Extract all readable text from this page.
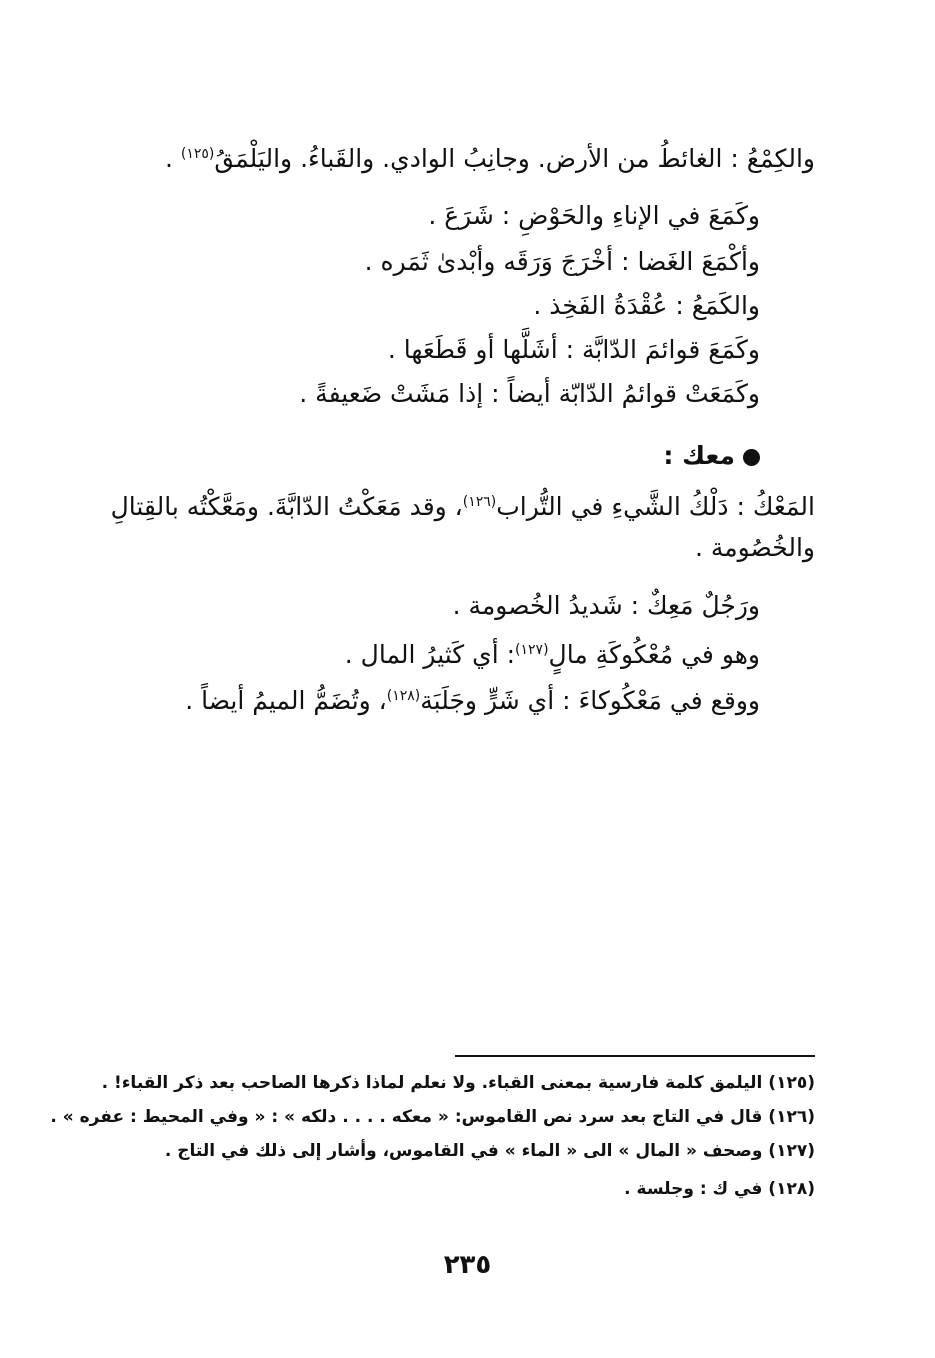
والكِمْعُ : الغائطُ من الأرض. وجانِبُ الوادي. والقَباءُ. واليَلْمَقُ$^{(١٢٥)}$ .
وكَمَعَ في الإناءِ والحَوْضِ : شَرَعَ .
وأكْمَعَ الغَضا : أخْرَجَ وَرَقَه وأبْدىٰ ثَمَره .
والكَمَعُ : عُقْدَةُ الفَخِذ .
وكَمَعَ قوائمَ الدّابَّة : أشَلَّها أو قَطَعَها .
وكَمَعَتْ قوائمُ الدّابّة أيضاً : إذا مَشَتْ ضَعيفةً .
معك :
المَعْكُ : دَلْكُ الشَّيءِ في التُّراب$^{(١٢٦)}$، وقد مَعَكْتُ الدّابَّةَ. ومَعَّكْتُه بالقِتالِ
والخُصُومة .
ورَجُلٌ مَعِكٌ : شَديدُ الخُصومة .
وهو في مُعْكُوكَةِ مالٍ$^{(١٢٧)}$: أي كَثيرُ المال .
ووقع في مَعْكُوكاءَ : أي شَرٍّ وجَلَبَة$^{(١٢٨)}$، وتُضَمُّ الميمُ أيضاً .
(١٢٥) اليلمق كلمة فارسية بمعنى القباء. ولا نعلم لماذا ذكرها الصاحب بعد ذكر القباء! .
(١٢٦) قال في التاج بعد سرد نص القاموس: « معكه . . . . دلكه » : « وفي المحيط : عفره » .
(١٢٧) وصحف « المال » الى « الماء » في القاموس، وأشار إلى ذلك في التاج .
(١٢٨) في ك : وجلسة .
٢٣٥
